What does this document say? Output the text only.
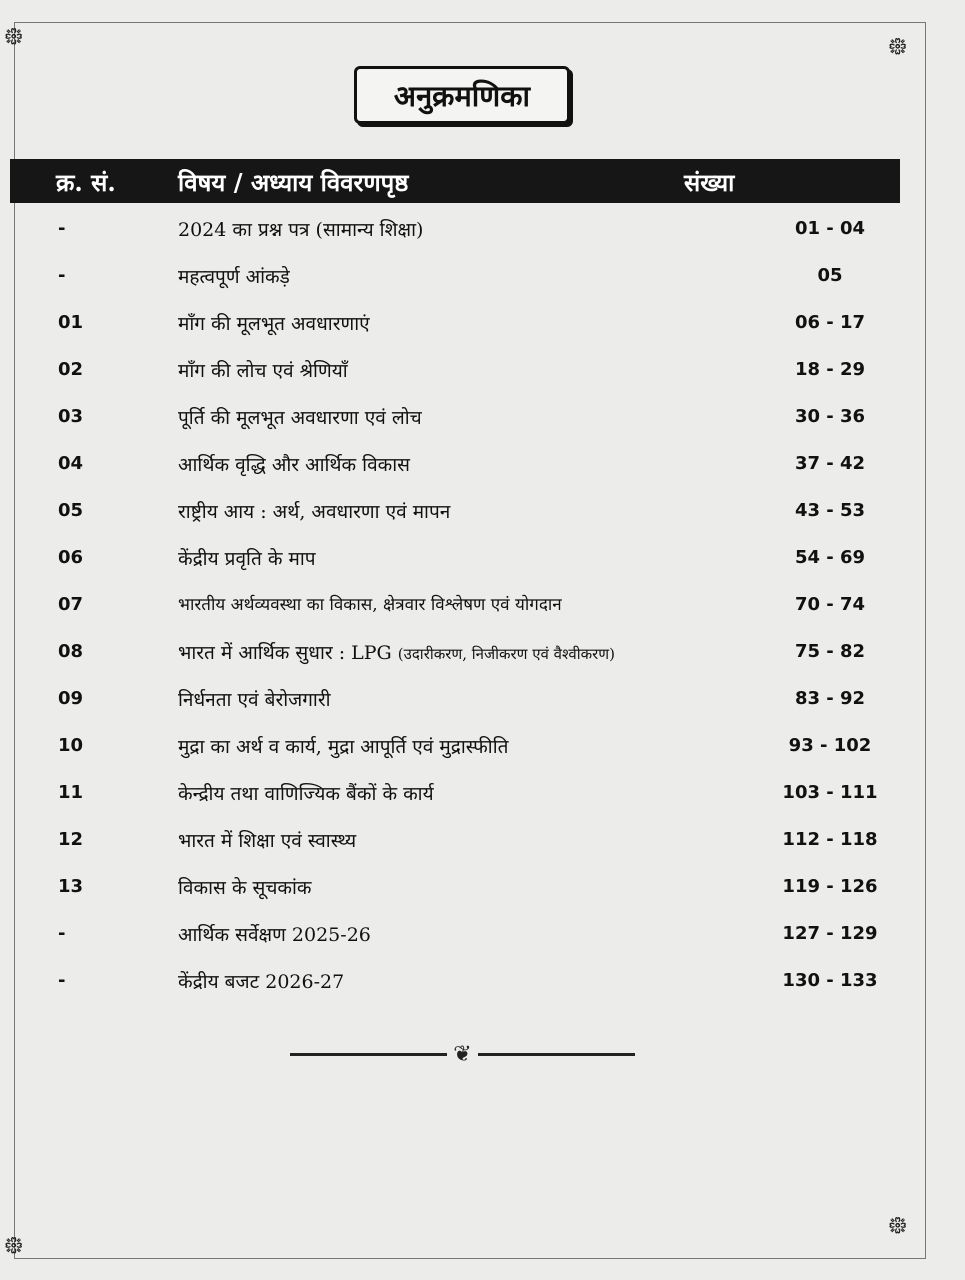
᪥	᪥
᪥
᪥
अनुक्रमणिका
क्र. सं.	विषय / अध्याय विवरणपृष्ठ	संख्या
-	2024 का प्रश्न पत्र (सामान्य शिक्षा)	01 - 04
-	महत्वपूर्ण आंकड़े	05
01	माँग की मूलभूत अवधारणाएं	06 - 17
02	माँग की लोच एवं श्रेणियाँ	18 - 29
03	पूर्ति की मूलभूत अवधारणा एवं लोच	30 - 36
04	आर्थिक वृद्धि और आर्थिक विकास	37 - 42
05	राष्ट्रीय आय : अर्थ, अवधारणा एवं मापन	43 - 53
06	केंद्रीय प्रवृति के माप	54 - 69
07	भारतीय अर्थव्यवस्था का विकास, क्षेत्रवार विश्लेषण एवं योगदान	70 - 74
08	भारत में आर्थिक सुधार : LPG (उदारीकरण, निजीकरण एवं वैश्वीकरण)	75 - 82
09	निर्धनता एवं बेरोजगारी	83 - 92
10	मुद्रा का अर्थ व कार्य, मुद्रा आपूर्ति एवं मुद्रास्फीति	93 - 102
11	केन्द्रीय तथा वाणिज्यिक बैंकों के कार्य	103 - 111
12	भारत में शिक्षा एवं स्वास्थ्य	112 - 118
13	विकास के सूचकांक	119 - 126
-	आर्थिक सर्वेक्षण 2025-26	127 - 129
-	केंद्रीय बजट 2026-27	130 - 133
❦
